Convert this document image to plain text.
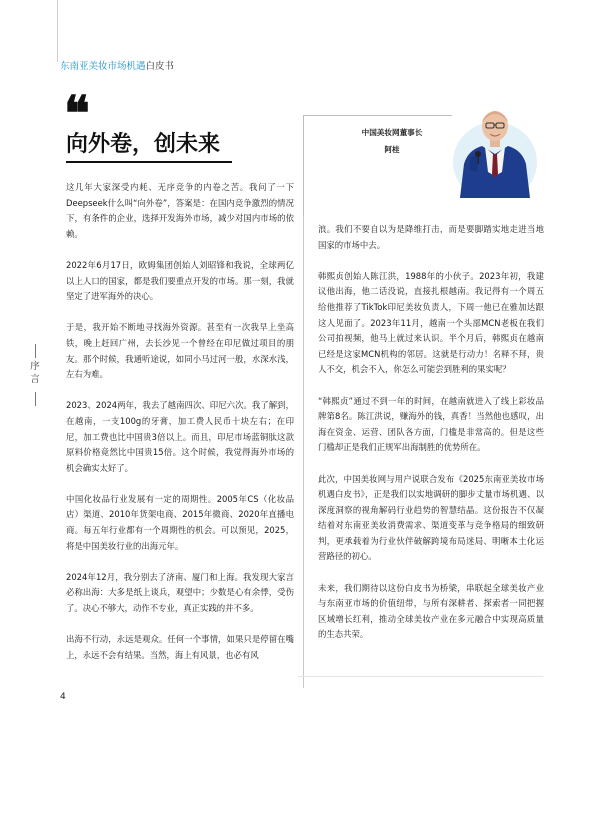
东南亚美妆市场机遇白皮书
❝
向外卷，创未来

这几年大家深受内耗、无序竞争的内卷之苦。我问了一下Deepseek什么叫“向外卷”，答案是：在国内竞争激烈的情况下，有条件的企业，选择开发海外市场，减少对国内市场的依赖。

2022年6月17日，欧姆集团创始人刘昭锋和我说，全球两亿以上人口的国家，都是我们要重点开发的市场。那一刻，我就坚定了进军海外的决心。

于是，我开始不断地寻找海外资源。甚至有一次我早上坐高铁，晚上赶回广州，去长沙见一个曾经在印尼做过项目的朋友。那个时候，我通听途说，如同小马过河一般，水深水浅，左右为难。

2023、2024两年，我去了越南四次、印尼六次。我了解到，在越南，一支100g的牙膏，加工费人民币十块左右；在印尼，加工费也比中国贵3倍以上。而且，印尼市场蓝铜肽这款原料价格竟然比中国贵15倍。这个时候，我觉得海外市场的机会确实太好了。

中国化妆品行业发展有一定的周期性。2005年CS（化妆品店）渠道、2010年货架电商、2015年微商、2020年直播电商。每五年行业都有一个周期性的机会。可以预见，2025，将是中国美妆行业的出海元年。

2024年12月，我分别去了济南、厦门和上海。我发现大家言必称出海：大多是纸上谈兵，观望中；少数是心有余悸，受伤了。决心不够大，动作不专业，真正实践的并不多。

出海不行动，永远是观众。任何一个事情，如果只是停留在嘴上，永远不会有结果。当然，海上有风景，也必有风

中国美妆网董事长
阿桂

浪。我们不要自以为是降维打击，而是要脚踏实地走进当地国家的市场中去。

韩熙贞创始人陈江洪，1988年的小伙子。2023年初，我建议他出海，他二话没说，直接扎根越南。我记得有一个周五给他推荐了TikTok印尼美妆负责人，下周一他已在雅加达跟这人见面了。2023年11月，越南一个头部MCN老板在我们公司拍视频，他马上就过来认识。半个月后，韩熙贞在越南已经是这家MCN机构的邻居。这就是行动力！名释不拜，贵人不交，机会不入，你怎么可能尝到胜利的果实呢？

“韩熙贞”通过不到一年的时间，在越南就进入了线上彩妆品牌第8名。陈江洪说，赚海外的钱，真香！当然他也感叹，出海在资金、运营、团队各方面，门槛是非常高的。但是这些门槛却正是我们正规军出海制胜的优势所在。

此次，中国美妆网与用户说联合发布《2025东南亚美妆市场机遇白皮书》，正是我们以实地调研的脚步丈量市场机遇、以深度洞察的视角解码行业趋势的智慧结晶。这份报告不仅凝结着对东南亚美妆消费需求、渠道变革与竞争格局的细致研判，更承载着为行业伙伴破解跨境布局迷局、明晰本土化运营路径的初心。

未来，我们期待以这份白皮书为桥梁，串联起全球美妆产业与东南亚市场的价值纽带，与所有深耕者、探索者一同把握区域增长红利，推动全球美妆产业在多元融合中实现高质量的生态共荣。

序言
4
